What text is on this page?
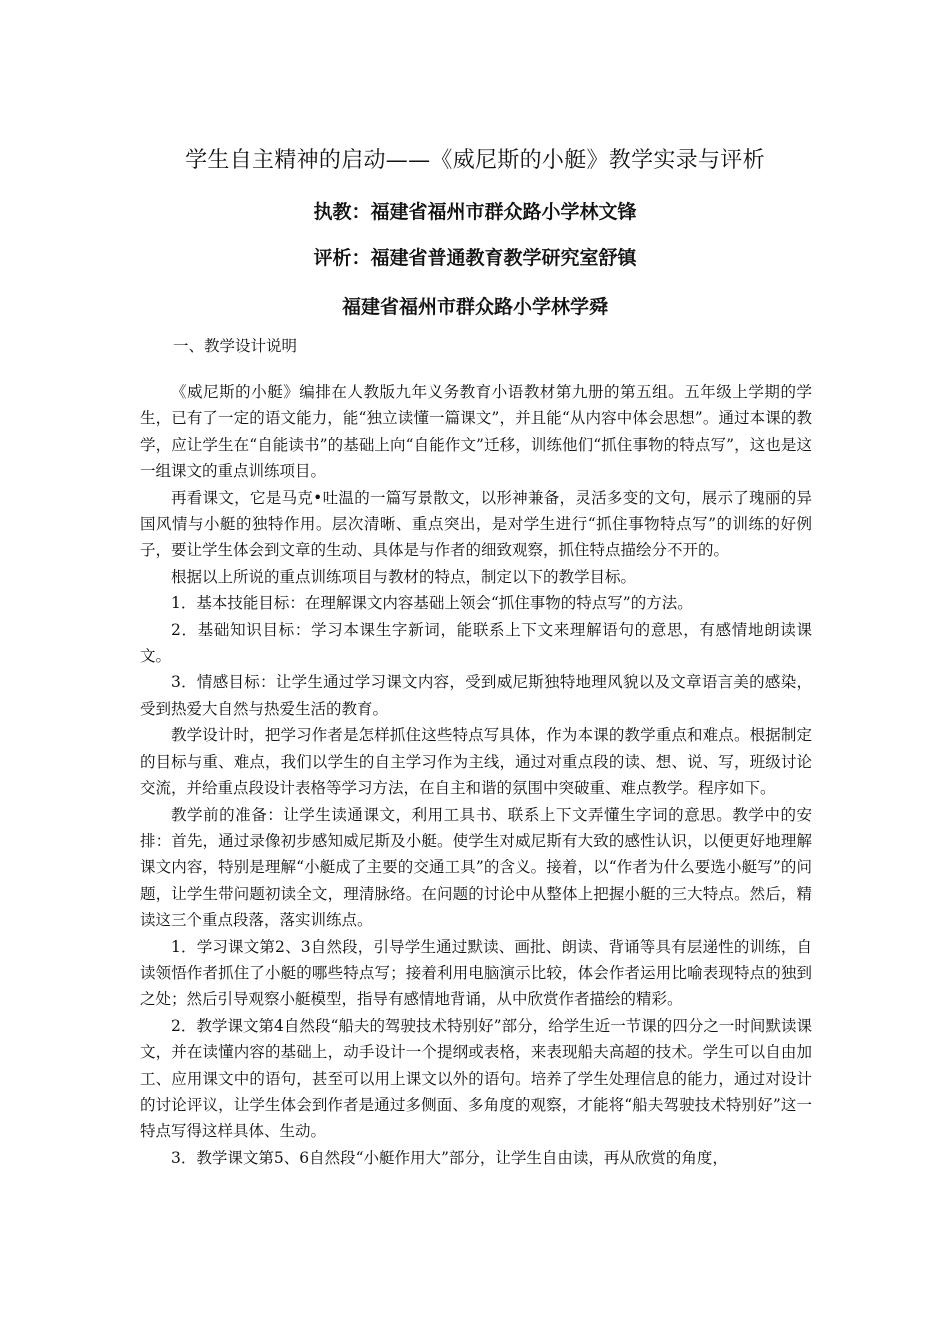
学生自主精神的启动——《威尼斯的小艇》教学实录与评析
执教：福建省福州市群众路小学林文锋
评析：福建省普通教育教学研究室舒镇
福建省福州市群众路小学林学舜
一、教学设计说明

《威尼斯的小艇》编排在人教版九年义务教育小语教材第九册的第五组。五年级上学期的学生，已有了一定的语文能力，能“独立读懂一篇课文”，并且能“从内容中体会思想”。通过本课的教学，应让学生在“自能读书”的基础上向“自能作文”迁移，训练他们“抓住事物的特点写”，这也是这一组课文的重点训练项目。

再看课文，它是马克•吐温的一篇写景散文，以形神兼备，灵活多变的文句，展示了瑰丽的异国风情与小艇的独特作用。层次清晰、重点突出，是对学生进行“抓住事物特点写”的训练的好例子，要让学生体会到文章的生动、具体是与作者的细致观察，抓住特点描绘分不开的。

根据以上所说的重点训练项目与教材的特点，制定以下的教学目标。

1．基本技能目标：在理解课文内容基础上领会“抓住事物的特点写”的方法。

2．基础知识目标：学习本课生字新词，能联系上下文来理解语句的意思，有感情地朗读课文。

3．情感目标：让学生通过学习课文内容，受到威尼斯独特地理风貌以及文章语言美的感染，受到热爱大自然与热爱生活的教育。

教学设计时，把学习作者是怎样抓住这些特点写具体，作为本课的教学重点和难点。根据制定的目标与重、难点，我们以学生的自主学习作为主线，通过对重点段的读、想、说、写，班级讨论交流，并给重点段设计表格等学习方法，在自主和谐的氛围中突破重、难点教学。程序如下。

教学前的准备：让学生读通课文，利用工具书、联系上下文弄懂生字词的意思。教学中的安排：首先，通过录像初步感知威尼斯及小艇。使学生对威尼斯有大致的感性认识，以便更好地理解课文内容，特别是理解“小艇成了主要的交通工具”的含义。接着，以“作者为什么要选小艇写”的问题，让学生带问题初读全文，理清脉络。在问题的讨论中从整体上把握小艇的三大特点。然后，精读这三个重点段落，落实训练点。

1．学习课文第2、3自然段，引导学生通过默读、画批、朗读、背诵等具有层递性的训练，自读领悟作者抓住了小艇的哪些特点写；接着利用电脑演示比较，体会作者运用比喻表现特点的独到之处；然后引导观察小艇模型，指导有感情地背诵，从中欣赏作者描绘的精彩。

2．教学课文第4自然段“船夫的驾驶技术特别好”部分，给学生近一节课的四分之一时间默读课文，并在读懂内容的基础上，动手设计一个提纲或表格，来表现船夫高超的技术。学生可以自由加工、应用课文中的语句，甚至可以用上课文以外的语句。培养了学生处理信息的能力，通过对设计的讨论评议，让学生体会到作者是通过多侧面、多角度的观察，才能将“船夫驾驶技术特别好”这一特点写得这样具体、生动。

3．教学课文第5、6自然段“小艇作用大”部分，让学生自由读，再从欣赏的角度，
